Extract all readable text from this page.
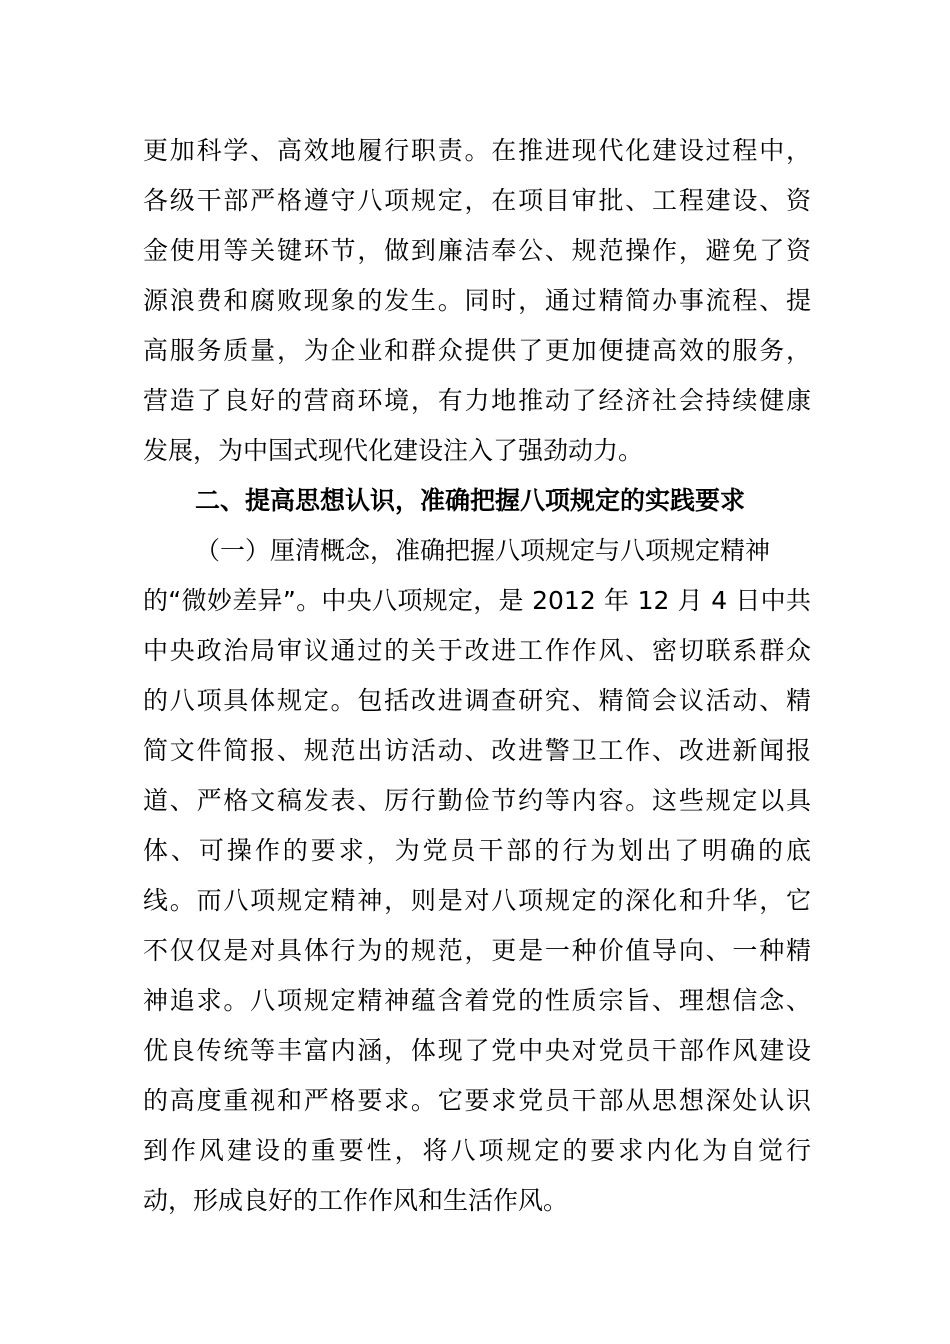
更加科学、高效地履行职责。在推进现代化建设过程中，
各级干部严格遵守八项规定，在项目审批、工程建设、资
金使用等关键环节，做到廉洁奉公、规范操作，避免了资
源浪费和腐败现象的发生。同时，通过精简办事流程、提
高服务质量，为企业和群众提供了更加便捷高效的服务，
营造了良好的营商环境，有力地推动了经济社会持续健康
发展，为中国式现代化建设注入了强劲动力。
二、提高思想认识，准确把握八项规定的实践要求
（一）厘清概念，准确把握八项规定与八项规定精神
的“微妙差异”。中央八项规定，是 2012 年 12 月 4 日中共
中央政治局审议通过的关于改进工作作风、密切联系群众
的八项具体规定。包括改进调查研究、精简会议活动、精
简文件简报、规范出访活动、改进警卫工作、改进新闻报
道、严格文稿发表、厉行勤俭节约等内容。这些规定以具
体、可操作的要求，为党员干部的行为划出了明确的底
线。而八项规定精神，则是对八项规定的深化和升华，它
不仅仅是对具体行为的规范，更是一种价值导向、一种精
神追求。八项规定精神蕴含着党的性质宗旨、理想信念、
优良传统等丰富内涵，体现了党中央对党员干部作风建设
的高度重视和严格要求。它要求党员干部从思想深处认识
到作风建设的重要性，将八项规定的要求内化为自觉行
动，形成良好的工作作风和生活作风。
